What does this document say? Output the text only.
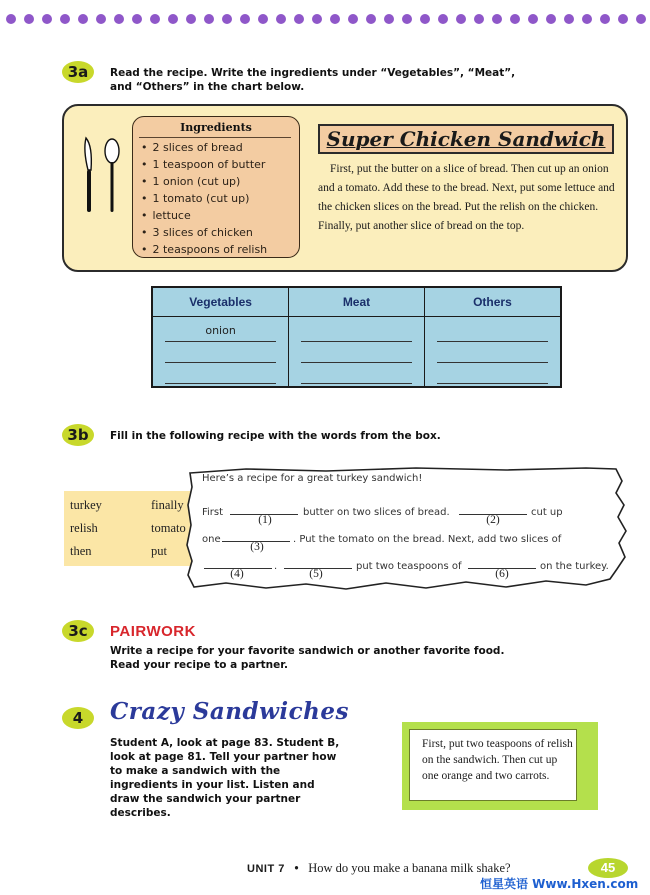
3a	Read the recipe. Write the ingredients under “Vegetables”, “Meat”,
and “Others” in the chart below.
Ingredients
• 2 slices of bread
• 1 teaspoon of butter
• 1 onion (cut up)
• 1 tomato (cut up)
• lettuce
• 3 slices of chicken
• 2 teaspoons of relish
Super Chicken Sandwich
First, put the butter on a slice of bread. Then cut up an onion and a tomato. Add these to the bread. Next, put some lettuce and the chicken slices on the bread. Put the relish on the chicken. Finally, put another slice of bread on the top.
Vegetables	Meat	Others

onion		

3b	Fill in the following recipe with the words from the box.
turkey	finally
relish	tomato
then	put
Here’s a recipe for a great turkey sandwich!
First
(1)
butter on two slices of bread.
(2)
cut up
one
(3)
. Put the tomato on the bread. Next, add two slices of
(4)
.
(5)
put two teaspoons of
(6)
on the turkey.
3c	PAIRWORK
Write a recipe for your favorite sandwich or another favorite food.
Read your recipe to a partner.
4	Crazy Sandwiches
Student A, look at page 83. Student B,
look at page 81. Tell your partner how
to make a sandwich with the
ingredients in your list. Listen and
draw the sandwich your partner
describes.
First, put two teaspoons of relish on the sandwich. Then cut up one orange and two carrots.
UNIT 7 • How do you make a banana milk shake?	45
恒星英语 Www.Hxen.com
